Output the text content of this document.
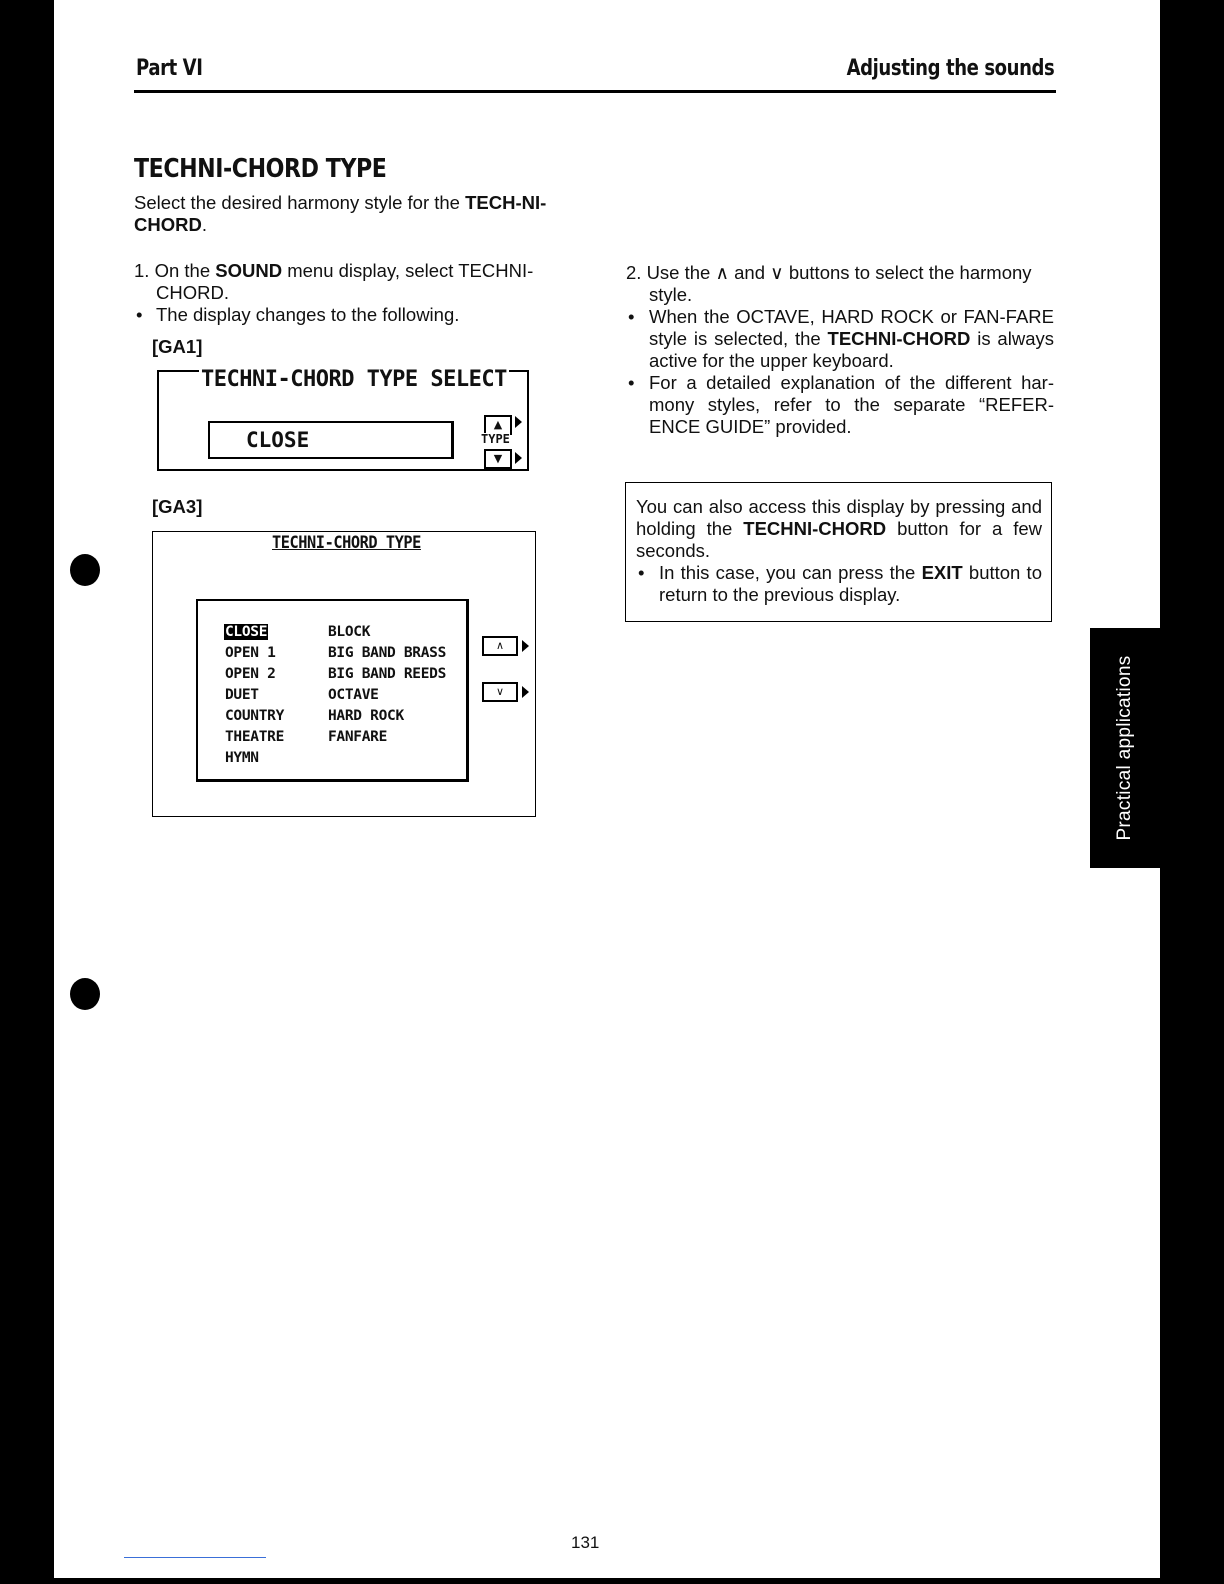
Part VI	Adjusting the sounds
TECHNI-CHORD TYPE
Select the desired harmony style for the TECH-NI-CHORD.
1. On the SOUND menu display, select TECHNI-
CHORD.
• The display changes to the following.
[GA1]
TECHNI-CHORD TYPE SELECT
CLOSE
▲
TYPE
▼
[GA3]
TECHNI-CHORD TYPE
CLOSE
OPEN 1
OPEN 2
DUET
COUNTRY
THEATRE
HYMN
BLOCK
BIG BAND BRASS
BIG BAND REEDS
OCTAVE
HARD ROCK
FANFARE
∧
∨
2. Use the ∧ and ∨ buttons to select the harmony
style.
• When the OCTAVE, HARD ROCK or FAN-FARE style is selected, the TECHNI-CHORD is always active for the upper keyboard.
• For a detailed explanation of the different har-mony styles, refer to the separate “REFER-ENCE GUIDE” provided.
You can also access this display by pressing and holding the TECHNI-CHORD button for a few seconds.
• In this case, you can press the EXIT button to return to the previous display.
Practical applications
131
